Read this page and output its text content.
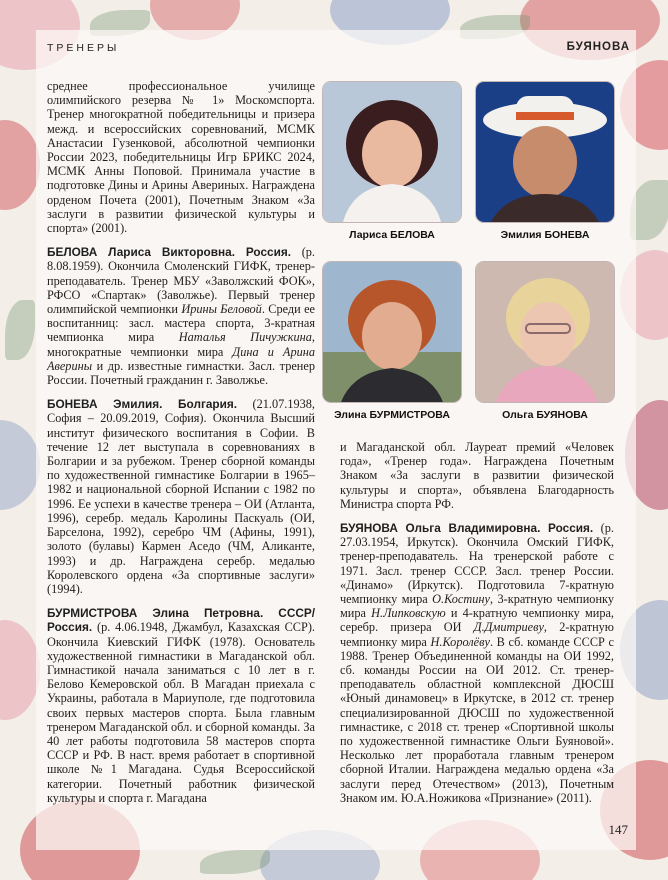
ТРЕНЕРЫ	БУЯНОВА

среднее профессиональное училище олимпийского резерва № 1» Москомспорта. Тренер многократной победительницы и призера межд. и всероссийских соревнований, МСМК Анастасии Гузенковой, абсолютной чемпионки России 2023, победительницы Игр БРИКС 2024, МСМК Анны Поповой. Принимала участие в подготовке Дины и Арины Авериных. Награждена орденом Почета (2001), Почетным Знаком «За заслуги в развитии физической культуры и спорта» (2001).

БЕЛОВА Лариса Викторовна. Россия. (р. 8.08.1959). Окончила Смоленский ГИФК, тренер-преподаватель. Тренер МБУ «Заволжский ФОК», РФСО «Спартак» (Заволжье). Первый тренер олимпийской чемпионки Ирины Беловой. Среди ее воспитанниц: засл. мастера спорта, 3-кратная чемпионка мира Наталья Пичужкина, многократные чемпионки мира Дина и Арина Аверины и др. известные гимнастки. Засл. тренер России. Почетный гражданин г. Заволжье.

БОНЕВА Эмилия. Болгария. (21.07.1938, София – 20.09.2019, София). Окончила Высший институт физического воспитания в Софии. В течение 12 лет выступала в соревнованиях в Болгарии и за рубежом. Тренер сборной команды по художественной гимнастике Болгарии в 1965–1982 и национальной сборной Испании с 1982 по 1996. Ее успехи в качестве тренера – ОИ (Атланта, 1996), серебр. медаль Каролины Паскуаль (ОИ, Барселона, 1992), серебро ЧМ (Афины, 1991), золото (булавы) Кармен Аседо (ЧМ, Аликанте, 1993) и др. Награждена серебр. медалью Королевского ордена «За спортивные заслуги» (1994).

БУРМИСТРОВА Элина Петровна. СССР/Россия. (р. 4.06.1948, Джамбул, Казахская ССР). Окончила Киевский ГИФК (1978). Основатель художественной гимнастики в Магаданской обл. Гимнастикой начала заниматься с 10 лет в г. Белово Кемеровской обл. В Магадан приехала с Украины, работала в Мариуполе, где подготовила своих первых мастеров спорта. Была главным тренером Магаданской обл. и сборной команды. За 40 лет работы подготовила 58 мастеров спорта СССР и РФ. В наст. время работает в спортивной школе №1 Магадана. Судья Всероссийской категории. Почетный работник физической культуры и спорта г. Магадана

Лариса БЕЛОВА	Эмилия БОНЕВА
Элина БУРМИСТРОВА	Ольга БУЯНОВА

и Магаданской обл. Лауреат премий «Человек года», «Тренер года». Награждена Почетным Знаком «За заслуги в развитии физической культуры и спорта», объявлена Благодарность Министра спорта РФ.

БУЯНОВА Ольга Владимировна. Россия. (р. 27.03.1954, Иркутск). Окончила Омский ГИФК, тренер-преподаватель. На тренерской работе с 1971. Засл. тренер СССР. Засл. тренер России. «Динамо» (Иркутск). Подготовила 7-кратную чемпионку мира О.Костину, 3-кратную чемпионку мира Н.Липковскую и 4-кратную чемпионку мира, серебр. призера ОИ Д.Дмитриеву, 2-кратную чемпионку мира Н.Королёву. В сб. команде СССР с 1988. Тренер Объединенной команды на ОИ 1992, сб. команды России на ОИ 2012. Ст. тренер-преподаватель областной комплексной ДЮСШ «Юный динамовец» в Иркутске, в 2012 ст. тренер специализированной ДЮСШ по художественной гимнастике, с 2018 ст. тренер «Спортивной школы по художественной гимнастике Ольги Буяновой». Несколько лет проработала главным тренером сборной Италии. Награждена медалью ордена «За заслуги перед Отечеством» (2013), Почетным Знаком им. Ю.А.Ножикова «Признание» (2011).

147
